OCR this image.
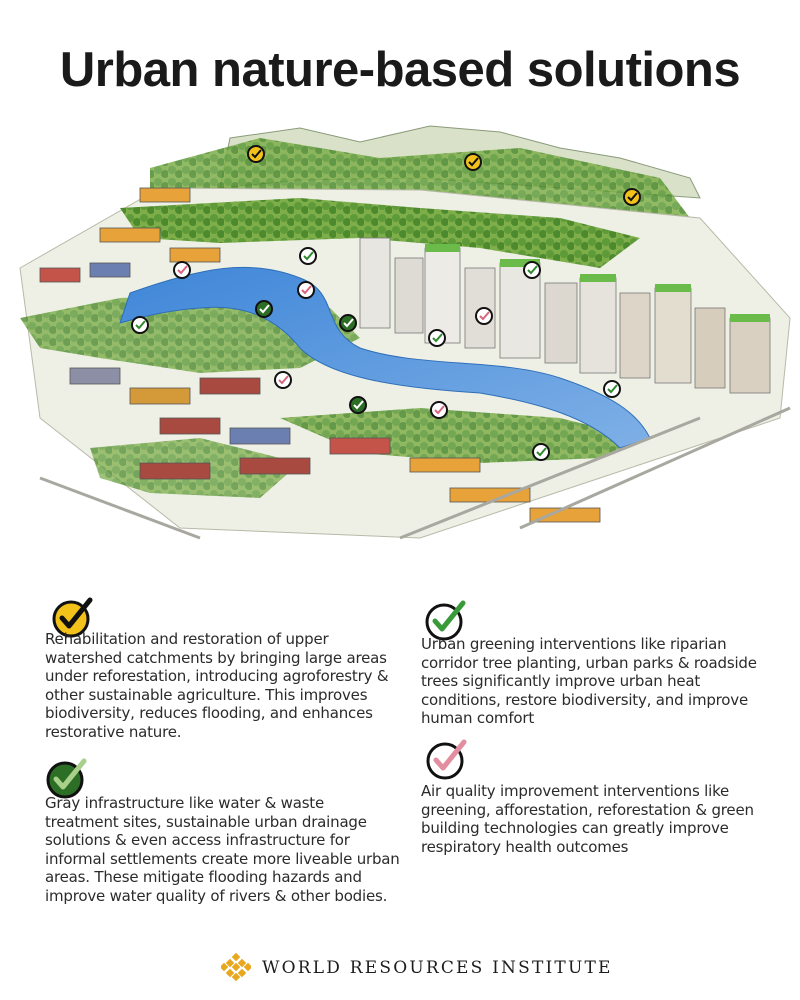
Urban nature-based solutions
Rehabilitation and restoration of upper watershed catchments by bringing large areas under reforestation, introducing agroforestry & other sustainable agriculture. This improves biodiversity, reduces flooding, and enhances restorative nature.
Gray infrastructure like water & waste treatment sites, sustainable urban drainage solutions & even access infrastructure for informal settlements create more liveable urban areas. These mitigate flooding hazards and improve water quality of rivers & other bodies.
Urban greening interventions like riparian corridor tree planting, urban parks & roadside trees significantly improve urban heat conditions, restore biodiversity, and improve human comfort
Air quality improvement interventions like greening, afforestation, reforestation & green building technologies can greatly improve respiratory health outcomes
WORLD RESOURCES INSTITUTE
